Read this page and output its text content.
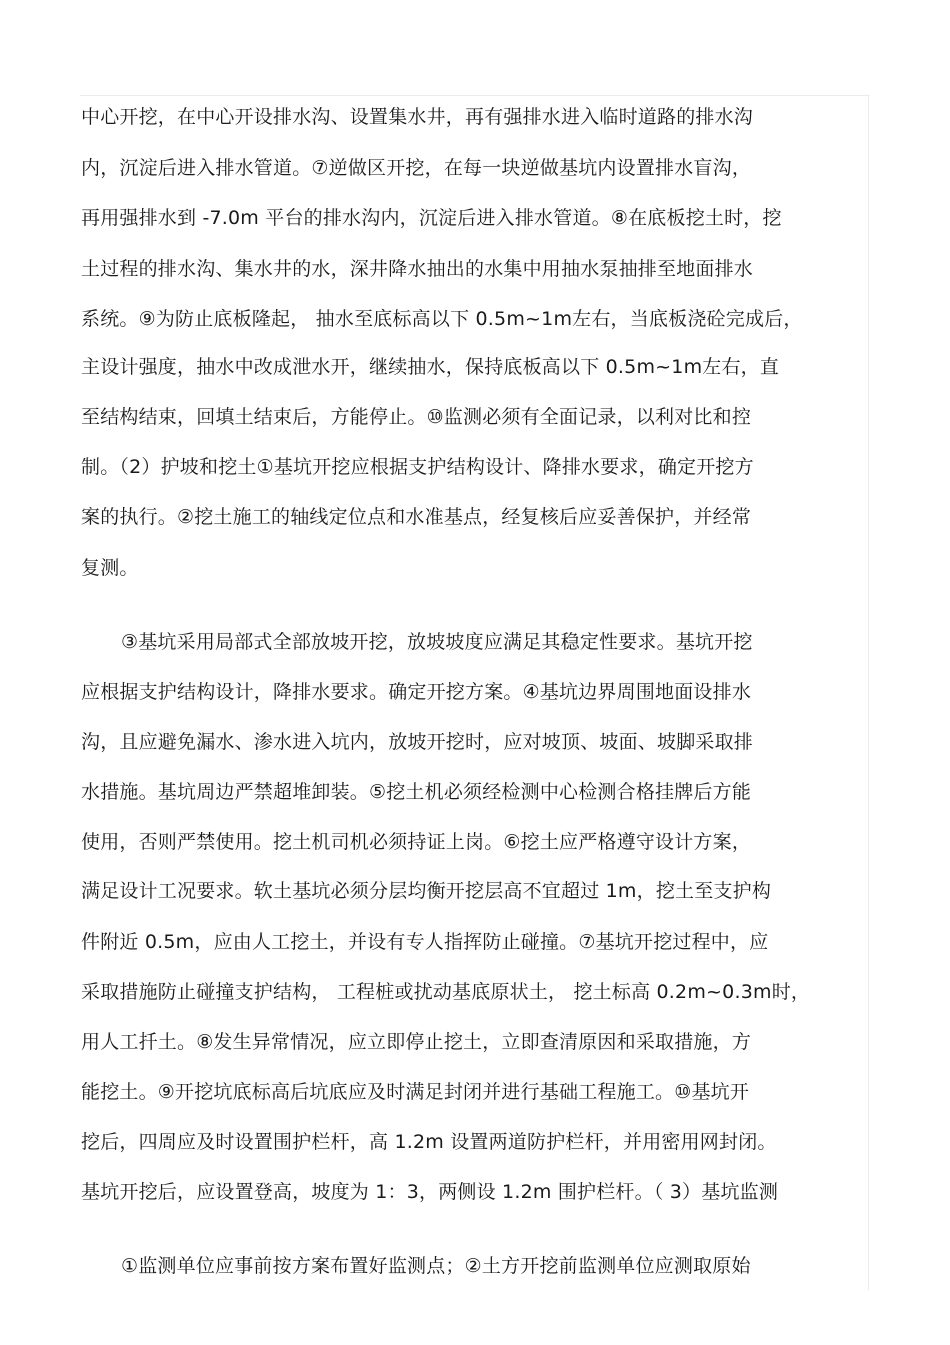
中心开挖，在中心开设排水沟、设置集水井，再有强排水进入临时道路的排水沟
内，沉淀后进入排水管道。⑦逆做区开挖，在每一块逆做基坑内设置排水盲沟，
再用强排水到 -7.0m 平台的排水沟内，沉淀后进入排水管道。⑧在底板挖土时，挖
土过程的排水沟、集水井的水，深井降水抽出的水集中用抽水泵抽排至地面排水
系统。⑨为防止底板隆起， 抽水至底标高以下 0.5m~1m左右，当底板浇砼完成后，
主设计强度，抽水中改成泄水开，继续抽水，保持底板高以下 0.5m~1m左右，直
至结构结束，回填土结束后，方能停止。⑩监测必须有全面记录，以利对比和控
制。（2）护坡和挖土①基坑开挖应根据支护结构设计、降排水要求，确定开挖方
案的执行。②挖土施工的轴线定位点和水准基点，经复核后应妥善保护，并经常
复测。
③基坑采用局部式全部放坡开挖，放坡坡度应满足其稳定性要求。基坑开挖
应根据支护结构设计，降排水要求。确定开挖方案。④基坑边界周围地面设排水
沟，且应避免漏水、渗水进入坑内，放坡开挖时，应对坡顶、坡面、坡脚采取排
水措施。基坑周边严禁超堆卸装。⑤挖土机必须经检测中心检测合格挂牌后方能
使用，否则严禁使用。挖土机司机必须持证上岗。⑥挖土应严格遵守设计方案，
满足设计工况要求。软土基坑必须分层均衡开挖层高不宜超过 1m，挖土至支护构
件附近 0.5m，应由人工挖土，并设有专人指挥防止碰撞。⑦基坑开挖过程中，应
采取措施防止碰撞支护结构， 工程桩或扰动基底原状土， 挖土标高 0.2m~0.3m时，
用人工扦土。⑧发生异常情况，应立即停止挖土，立即查清原因和采取措施，方
能挖土。⑨开挖坑底标高后坑底应及时满足封闭并进行基础工程施工。⑩基坑开
挖后，四周应及时设置围护栏杆，高 1.2m 设置两道防护栏杆，并用密用网封闭。
基坑开挖后，应设置登高，坡度为 1：3，两侧设 1.2m 围护栏杆。（ 3）基坑监测
①监测单位应事前按方案布置好监测点；②土方开挖前监测单位应测取原始
